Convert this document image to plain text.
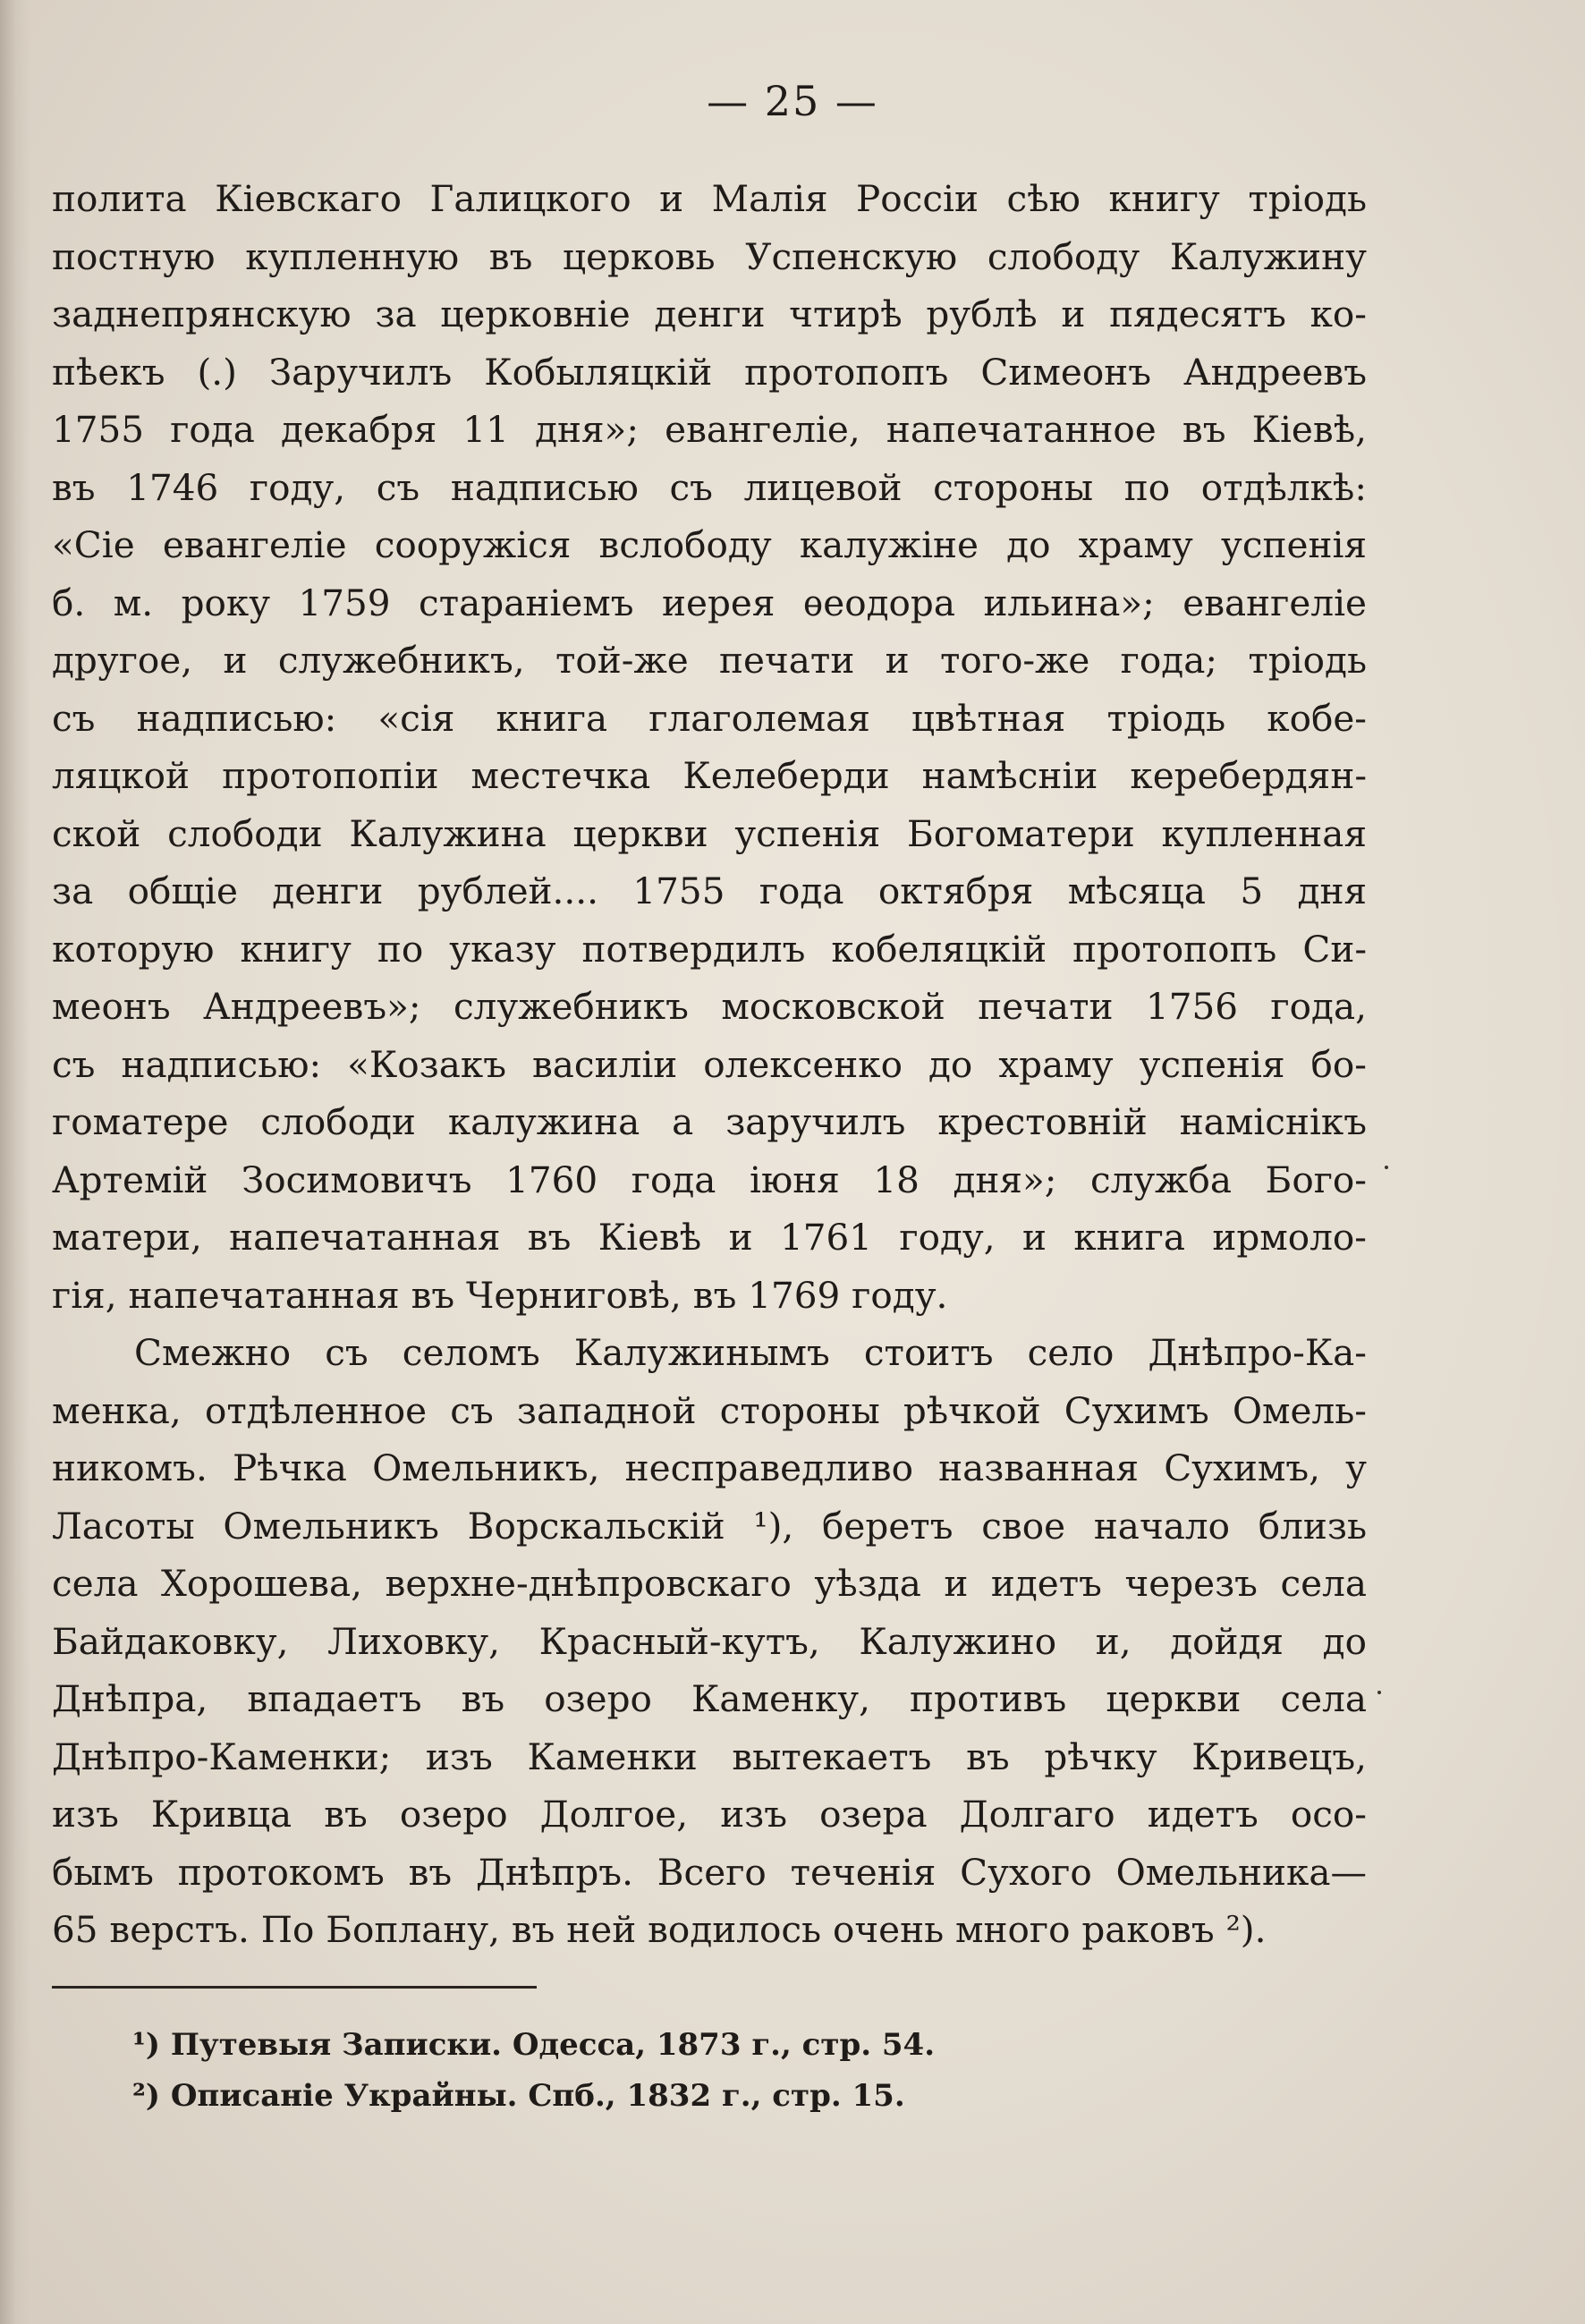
— 25 —
полита Кіевскаго Галицкого и Малія Россіи сѣю книгу тріодь
постную купленную въ церковь Успенскую слободу Калужину
заднепрянскую за церковніе денги чтирѣ рублѣ и пядесятъ ко-
пѣекъ (.) Заручилъ Кобыляцкій протопопъ Симеонъ Андреевъ
1755 года декабря 11 дня»; евангеліе, напечатанное въ Кіевѣ,
въ 1746 году, съ надписью съ лицевой стороны по отдѣлкѣ:
«Сіе евангеліе сооружіся вслободу калужіне до храму успенія
б. м. року 1759 стараніемъ иерея ѳеодора ильина»; евангеліе
другое, и служебникъ, той-же печати и того-же года; тріодь
съ надписью: «сія книга глаголемая цвѣтная тріодь кобе-
ляцкой протопопіи местечка Келеберди намѣсніи керебердян-
ской слободи Калужина церкви успенія Богоматери купленная
за общіе денги рублей.... 1755 года октября мѣсяца 5 дня
которую книгу по указу потвердилъ кобеляцкій протопопъ Си-
меонъ Андреевъ»; служебникъ московской печати 1756 года,
съ надписью: «Козакъ василіи олексенко до храму успенія бо-
гоматере слободи калужина а заручилъ крестовній наміснікъ
Артемій Зосимовичъ 1760 года іюня 18 дня»; служба Бого-
матери, напечатанная въ Кіевѣ и 1761 году, и книга ирмоло-
гія, напечатанная въ Черниговѣ, въ 1769 году.
Смежно съ селомъ Калужинымъ стоитъ село Днѣпро-Ка-
менка, отдѣленное съ западной стороны рѣчкой Сухимъ Омель-
никомъ. Рѣчка Омельникъ, несправедливо названная Сухимъ, у
Ласоты Омельникъ Ворскальскій ¹), беретъ свое начало близь
села Хорошева, верхне-днѣпровскаго уѣзда и идетъ черезъ села
Байдаковку, Лиховку, Красный-кутъ, Калужино и, дойдя до
Днѣпра, впадаетъ въ озеро Каменку, противъ церкви села
Днѣпро-Каменки; изъ Каменки вытекаетъ въ рѣчку Кривецъ,
изъ Кривца въ озеро Долгое, изъ озера Долгаго идетъ осо-
бымъ протокомъ въ Днѣпръ. Всего теченія Сухого Омельника—
65 верстъ. По Боплану, въ ней водилось очень много раковъ ²).
¹) Путевыя Записки. Одесса, 1873 г., стр. 54.
²) Описаніе Украйны. Спб., 1832 г., стр. 15.
